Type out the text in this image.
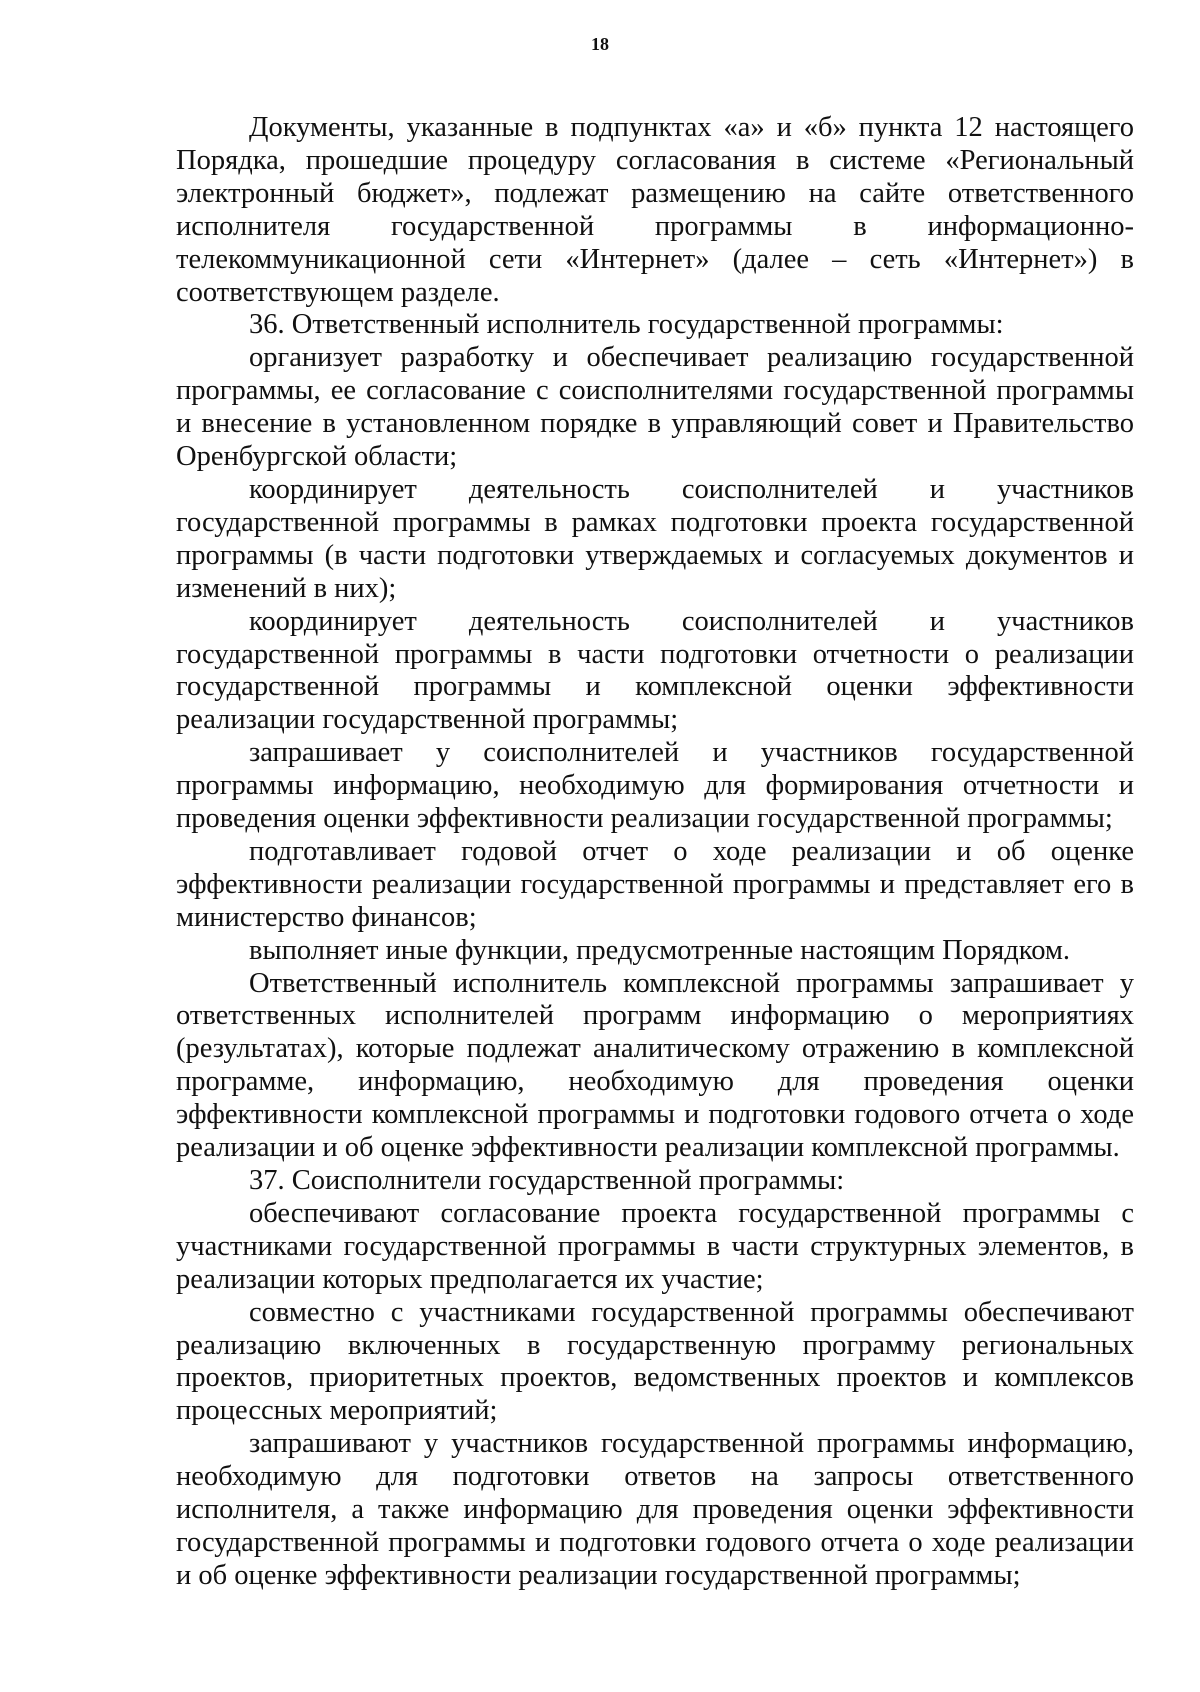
18

Документы, указанные в подпунктах «а» и «б» пункта 12 настоящего Порядка, прошедшие процедуру согласования в системе «Региональный электронный бюджет», подлежат размещению на сайте ответственного исполнителя государственной программы в информационно-телекоммуникационной сети «Интернет» (далее – сеть «Интернет») в соответствующем разделе.

36. Ответственный исполнитель государственной программы:

организует разработку и обеспечивает реализацию государственной программы, ее согласование с соисполнителями государственной программы и внесение в установленном порядке в управляющий совет и Правительство Оренбургской области;

координирует деятельность соисполнителей и участников государственной программы в рамках подготовки проекта государственной программы (в части подготовки утверждаемых и согласуемых документов и изменений в них);

координирует деятельность соисполнителей и участников государственной программы в части подготовки отчетности о реализации государственной программы и комплексной оценки эффективности реализации государственной программы;

запрашивает у соисполнителей и участников государственной программы информацию, необходимую для формирования отчетности и проведения оценки эффективности реализации государственной программы;

подготавливает годовой отчет о ходе реализации и об оценке эффективности реализации государственной программы и представляет его в министерство финансов;

выполняет иные функции, предусмотренные настоящим Порядком.

Ответственный исполнитель комплексной программы запрашивает у ответственных исполнителей программ информацию о мероприятиях (результатах), которые подлежат аналитическому отражению в комплексной программе, информацию, необходимую для проведения оценки эффективности комплексной программы и подготовки годового отчета о ходе реализации и об оценке эффективности реализации комплексной программы.

37. Соисполнители государственной программы:

обеспечивают согласование проекта государственной программы с участниками государственной программы в части структурных элементов, в реализации которых предполагается их участие;

совместно с участниками государственной программы обеспечивают реализацию включенных в государственную программу региональных проектов, приоритетных проектов, ведомственных проектов и комплексов процессных мероприятий;

запрашивают у участников государственной программы информацию, необходимую для подготовки ответов на запросы ответственного исполнителя, а также информацию для проведения оценки эффективности государственной программы и подготовки годового отчета о ходе реализации и об оценке эффективности реализации государственной программы;
